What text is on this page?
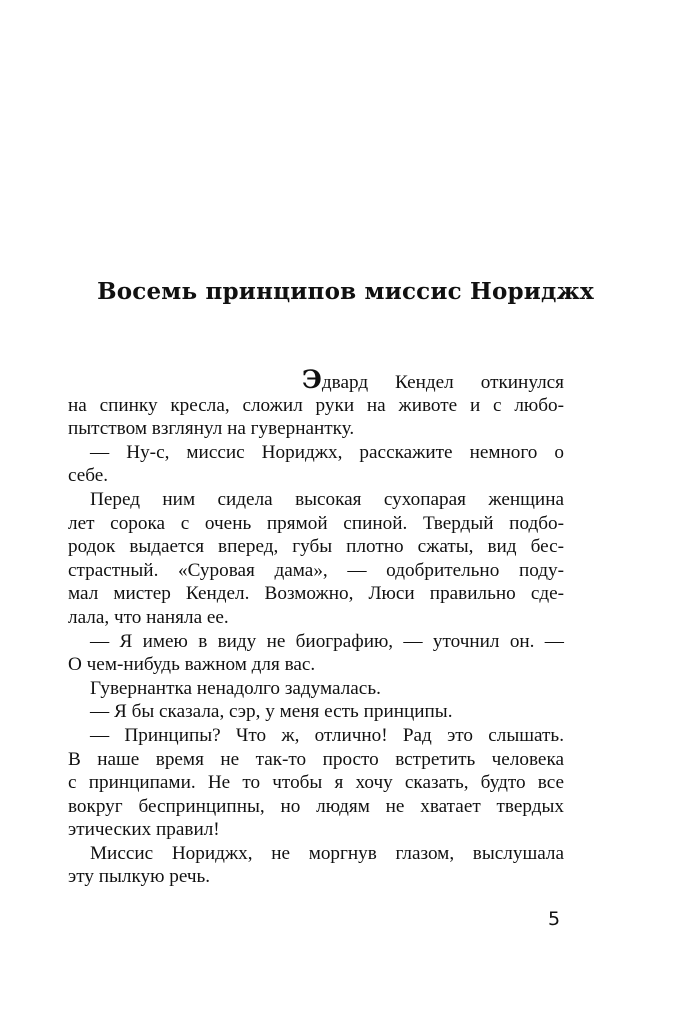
Восемь принципов миссис Нориджх
Эдвард Кендел откинулся
на спинку кресла, сложил руки на животе и с любо-
пытством взглянул на гувернантку.
— Ну-с, миссис Нориджх, расскажите немного о
себе.
Перед ним сидела высокая сухопарая женщина
лет сорока с очень прямой спиной. Твердый подбо-
родок выдается вперед, губы плотно сжаты, вид бес-
страстный. «Суровая дама», — одобрительно поду-
мал мистер Кендел. Возможно, Люси правильно сде-
лала, что наняла ее.
— Я имею в виду не биографию, — уточнил он. —
О чем-нибудь важном для вас.
Гувернантка ненадолго задумалась.
— Я бы сказала, сэр, у меня есть принципы.
— Принципы? Что ж, отлично! Рад это слышать.
В наше время не так-то просто встретить человека
с принципами. Не то чтобы я хочу сказать, будто все
вокруг беспринципны, но людям не хватает твердых
этических правил!
Миссис Нориджх, не моргнув глазом, выслушала
эту пылкую речь.
5
